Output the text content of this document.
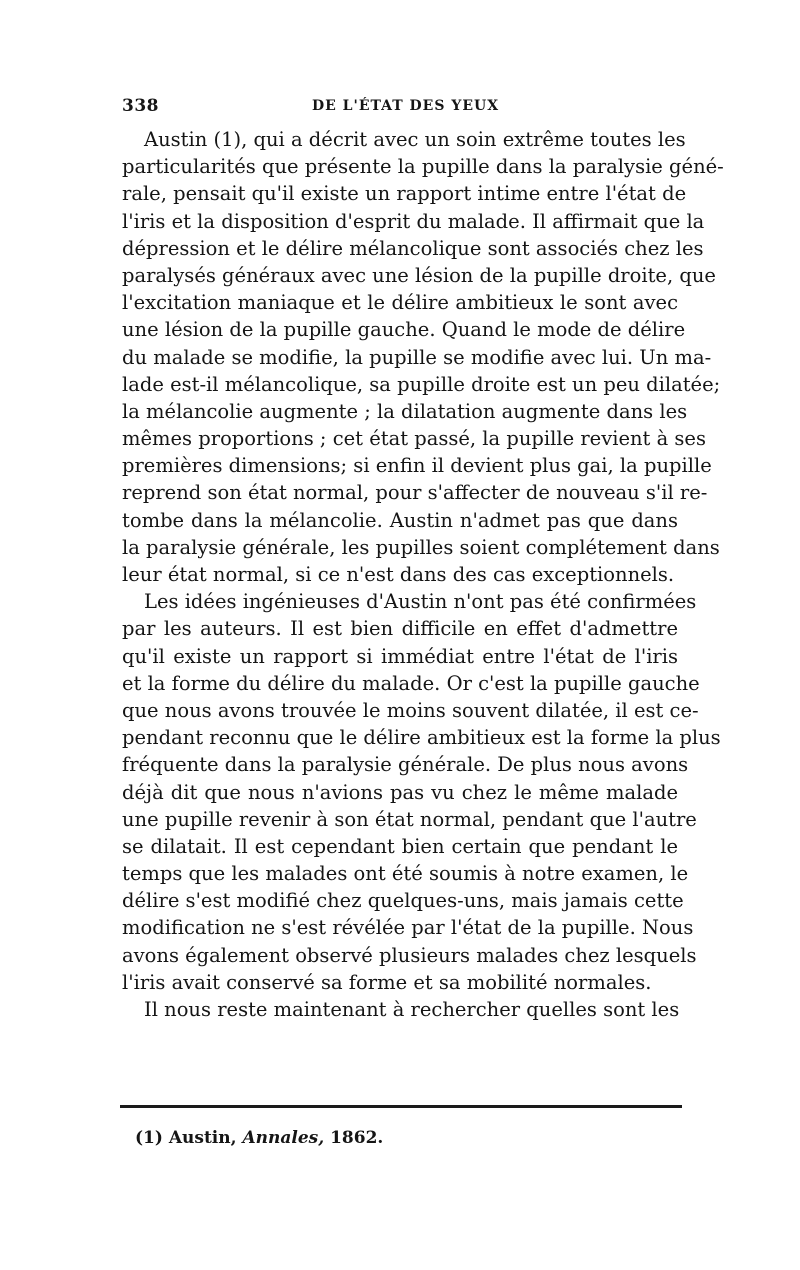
338	DE L'ÉTAT DES YEUX
Austin (1), qui a décrit avec un soin extrême toutes les
particularités que présente la pupille dans la paralysie géné-
rale, pensait qu'il existe un rapport intime entre l'état de
l'iris et la disposition d'esprit du malade. Il affirmait que la
dépression et le délire mélancolique sont associés chez les
paralysés généraux avec une lésion de la pupille droite, que
l'excitation maniaque et le délire ambitieux le sont avec
une lésion de la pupille gauche. Quand le mode de délire
du malade se modifie, la pupille se modifie avec lui. Un ma-
lade est-il mélancolique, sa pupille droite est un peu dilatée;
la mélancolie augmente ; la dilatation augmente dans les
mêmes proportions ; cet état passé, la pupille revient à ses
premières dimensions; si enfin il devient plus gai, la pupille
reprend son état normal, pour s'affecter de nouveau s'il re-
tombe dans la mélancolie. Austin n'admet pas que dans
la paralysie générale, les pupilles soient complétement dans
leur état normal, si ce n'est dans des cas exceptionnels.
Les idées ingénieuses d'Austin n'ont pas été confirmées
par les auteurs. Il est bien difficile en effet d'admettre
qu'il existe un rapport si immédiat entre l'état de l'iris
et la forme du délire du malade. Or c'est la pupille gauche
que nous avons trouvée le moins souvent dilatée, il est ce-
pendant reconnu que le délire ambitieux est la forme la plus
fréquente dans la paralysie générale. De plus nous avons
déjà dit que nous n'avions pas vu chez le même malade
une pupille revenir à son état normal, pendant que l'autre
se dilatait. Il est cependant bien certain que pendant le
temps que les malades ont été soumis à notre examen, le
délire s'est modifié chez quelques-uns, mais jamais cette
modification ne s'est révélée par l'état de la pupille. Nous
avons également observé plusieurs malades chez lesquels
l'iris avait conservé sa forme et sa mobilité normales.
Il nous reste maintenant à rechercher quelles sont les
(1) Austin, Annales, 1862.
